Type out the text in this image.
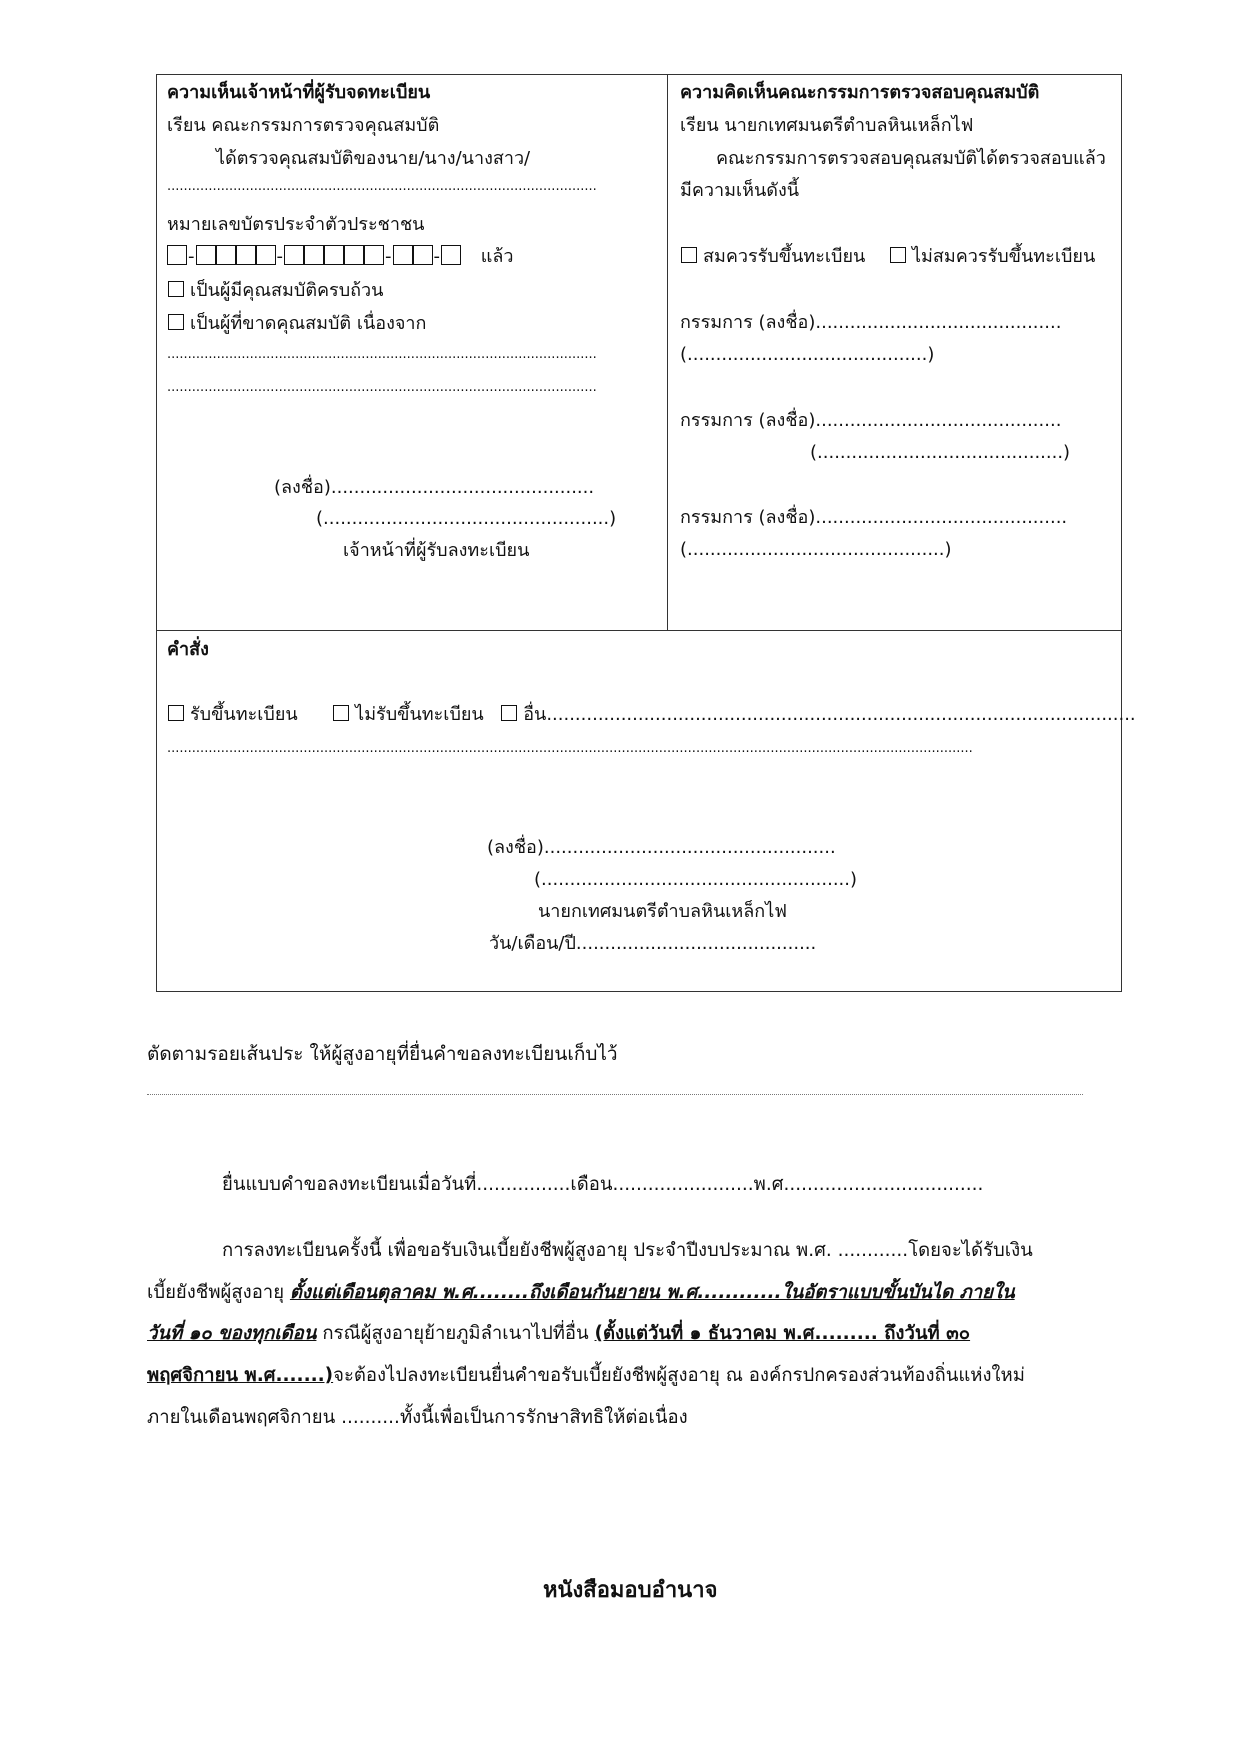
ความเห็นเจ้าหน้าที่ผู้รับจดทะเบียน
เรียน คณะกรรมการตรวจคุณสมบัติ
ได้ตรวจคุณสมบัติของนาย/นาง/นางสาว/
........................................................................................................
หมายเลขบัตรประจำตัวประชาชน
-	-	- - แล้ว
เป็นผู้มีคุณสมบัติครบถ้วน
เป็นผู้ที่ขาดคุณสมบัติ เนื่องจาก
........................................................................................................
........................................................................................................
(ลงชื่อ)..............................................
(..................................................)
เจ้าหน้าที่ผู้รับลงทะเบียน
ความคิดเห็นคณะกรรมการตรวจสอบคุณสมบัติ
เรียน นายกเทศมนตรีตำบลหินเหล็กไฟ
คณะกรรมการตรวจสอบคุณสมบัติได้ตรวจสอบแล้ว
มีความเห็นดังนี้
สมควรรับขึ้นทะเบียน	ไม่สมควรรับขึ้นทะเบียน
กรรมการ (ลงชื่อ)...........................................
(..........................................)
กรรมการ (ลงชื่อ)...........................................
(...........................................)
กรรมการ (ลงชื่อ)............................................
(.............................................)
คำสั่ง
รับขึ้นทะเบียน	ไม่รับขึ้นทะเบียน อื่น.......................................................................................................
...................................................................................................................................................................................................
(ลงชื่อ)...................................................
(......................................................)
นายกเทศมนตรีตำบลหินเหล็กไฟ
วัน/เดือน/ปี..........................................
ตัดตามรอยเส้นประ ให้ผู้สูงอายุที่ยื่นคำขอลงทะเบียนเก็บไว้
ยื่นแบบคำขอลงทะเบียนเมื่อวันที่................เดือน........................พ.ศ..................................
การลงทะเบียนครั้งนี้ เพื่อขอรับเงินเบี้ยยังชีพผู้สูงอายุ ประจำปีงบประมาณ พ.ศ. ............โดยจะได้รับเงิน
เบี้ยยังชีพผู้สูงอายุ ตั้งแต่เดือนตุลาคม พ.ศ........ถึงเดือนกันยายน พ.ศ............ในอัตราแบบขั้นบันได ภายใน
วันที่ ๑๐ ของทุกเดือน กรณีผู้สูงอายุย้ายภูมิลำเนาไปที่อื่น (ตั้งแต่วันที่ ๑ ธันวาคม พ.ศ......... ถึงวันที่ ๓๐
พฤศจิกายน พ.ศ.......)จะต้องไปลงทะเบียนยื่นคำขอรับเบี้ยยังชีพผู้สูงอายุ ณ องค์กรปกครองส่วนท้องถิ่นแห่งใหม่
ภายในเดือนพฤศจิกายน ..........ทั้งนี้เพื่อเป็นการรักษาสิทธิให้ต่อเนื่อง
หนังสือมอบอำนาจ
